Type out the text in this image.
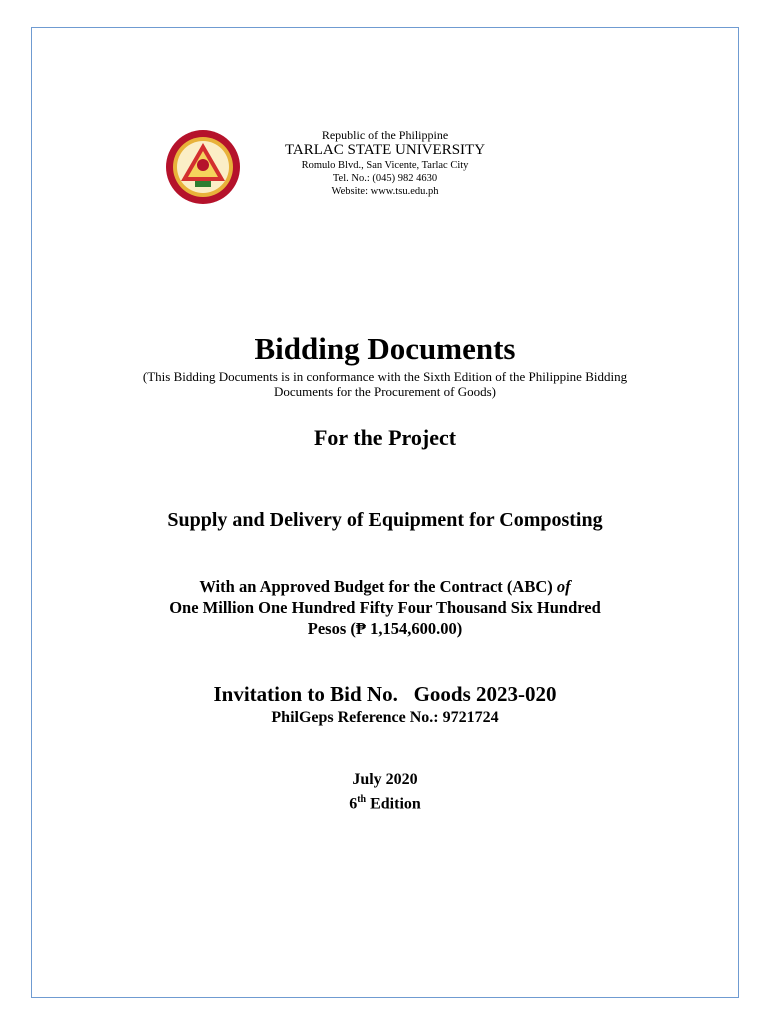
Republic of the Philippine
TARLAC STATE UNIVERSITY
Romulo Blvd., San Vicente, Tarlac City
Tel. No.: (045) 982 4630
Website: www.tsu.edu.ph
Bidding Documents
(This Bidding Documents is in conformance with the Sixth Edition of the Philippine Bidding
Documents for the Procurement of Goods)
For the Project
Supply and Delivery of Equipment for Composting
With an Approved Budget for the Contract (ABC) of
One Million One Hundred Fifty Four Thousand Six Hundred
Pesos (₱ 1,154,600.00)
Invitation to Bid No.   Goods 2023-020
PhilGeps Reference No.: 9721724
July 2020
6th Edition
